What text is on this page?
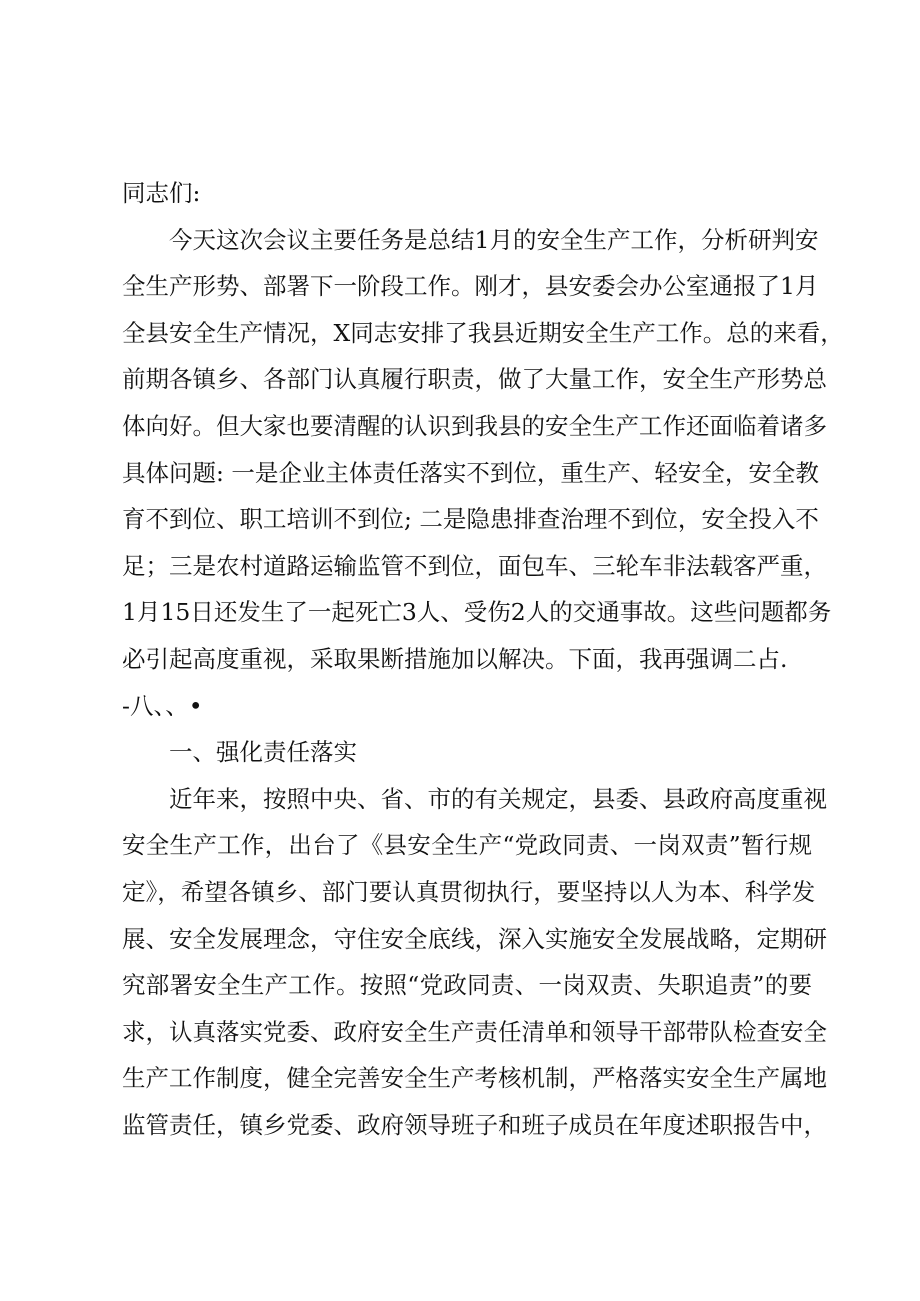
同志们:
今天这次会议主要任务是总结1月的安全生产工作，分析研判安
全生产形势、部署下一阶段工作。刚才，县安委会办公室通报了1月
全县安全生产情况，X同志安排了我县近期安全生产工作。总的来看，
前期各镇乡、各部门认真履行职责，做了大量工作，安全生产形势总
体向好。但大家也要清醒的认识到我县的安全生产工作还面临着诸多
具体问题: 一是企业主体责任落实不到位，重生产、轻安全，安全教
育不到位、职工培训不到位; 二是隐患排查治理不到位，安全投入不
足；三是农村道路运输监管不到位，面包车、三轮车非法载客严重，
1月15日还发生了一起死亡3人、受伤2人的交通事故。这些问题都务
必引起高度重视，采取果断措施加以解决。下面，我再强调二占.
-八、、•
一、强化责任落实
近年来，按照中央、省、市的有关规定，县委、县政府高度重视
安全生产工作，出台了《县安全生产“党政同责、一岗双责”暂行规
定》，希望各镇乡、部门要认真贯彻执行，要坚持以人为本、科学发
展、安全发展理念，守住安全底线，深入实施安全发展战略，定期研
究部署安全生产工作。按照“党政同责、一岗双责、失职追责”的要
求，认真落实党委、政府安全生产责任清单和领导干部带队检查安全
生产工作制度，健全完善安全生产考核机制，严格落实安全生产属地
监管责任，镇乡党委、政府领导班子和班子成员在年度述职报告中，
